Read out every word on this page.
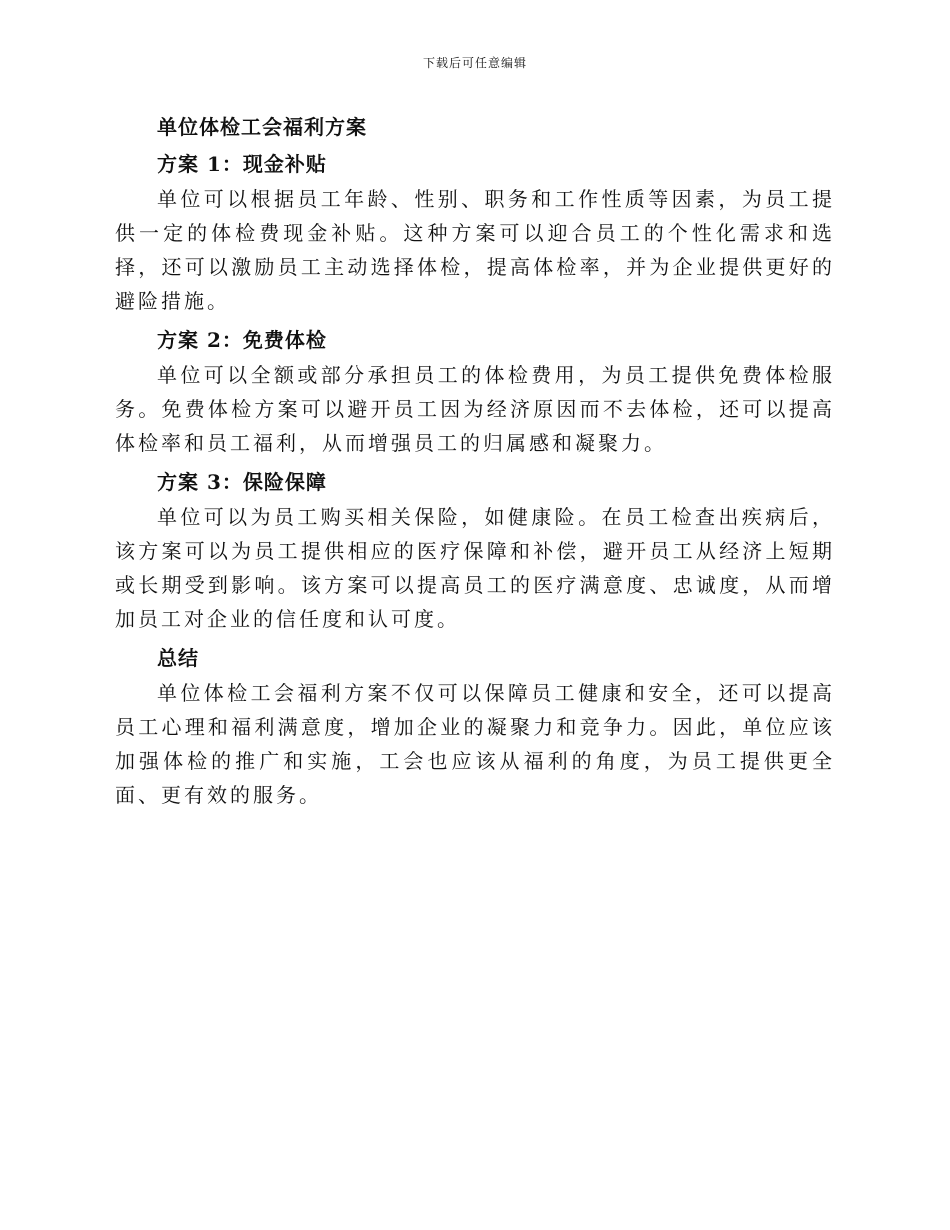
下载后可任意编辑
单位体检工会福利方案
方案 1：现金补贴

单位可以根据员工年龄、性别、职务和工作性质等因素，为员工提供一定的体检费现金补贴。这种方案可以迎合员工的个性化需求和选择，还可以激励员工主动选择体检，提高体检率，并为企业提供更好的避险措施。

方案 2：免费体检

单位可以全额或部分承担员工的体检费用，为员工提供免费体检服务。免费体检方案可以避开员工因为经济原因而不去体检，还可以提高体检率和员工福利，从而增强员工的归属感和凝聚力。

方案 3：保险保障

单位可以为员工购买相关保险，如健康险。在员工检查出疾病后，该方案可以为员工提供相应的医疗保障和补偿，避开员工从经济上短期或长期受到影响。该方案可以提高员工的医疗满意度、忠诚度，从而增加员工对企业的信任度和认可度。

总结

单位体检工会福利方案不仅可以保障员工健康和安全，还可以提高员工心理和福利满意度，增加企业的凝聚力和竞争力。因此，单位应该加强体检的推广和实施，工会也应该从福利的角度，为员工提供更全面、更有效的服务。
